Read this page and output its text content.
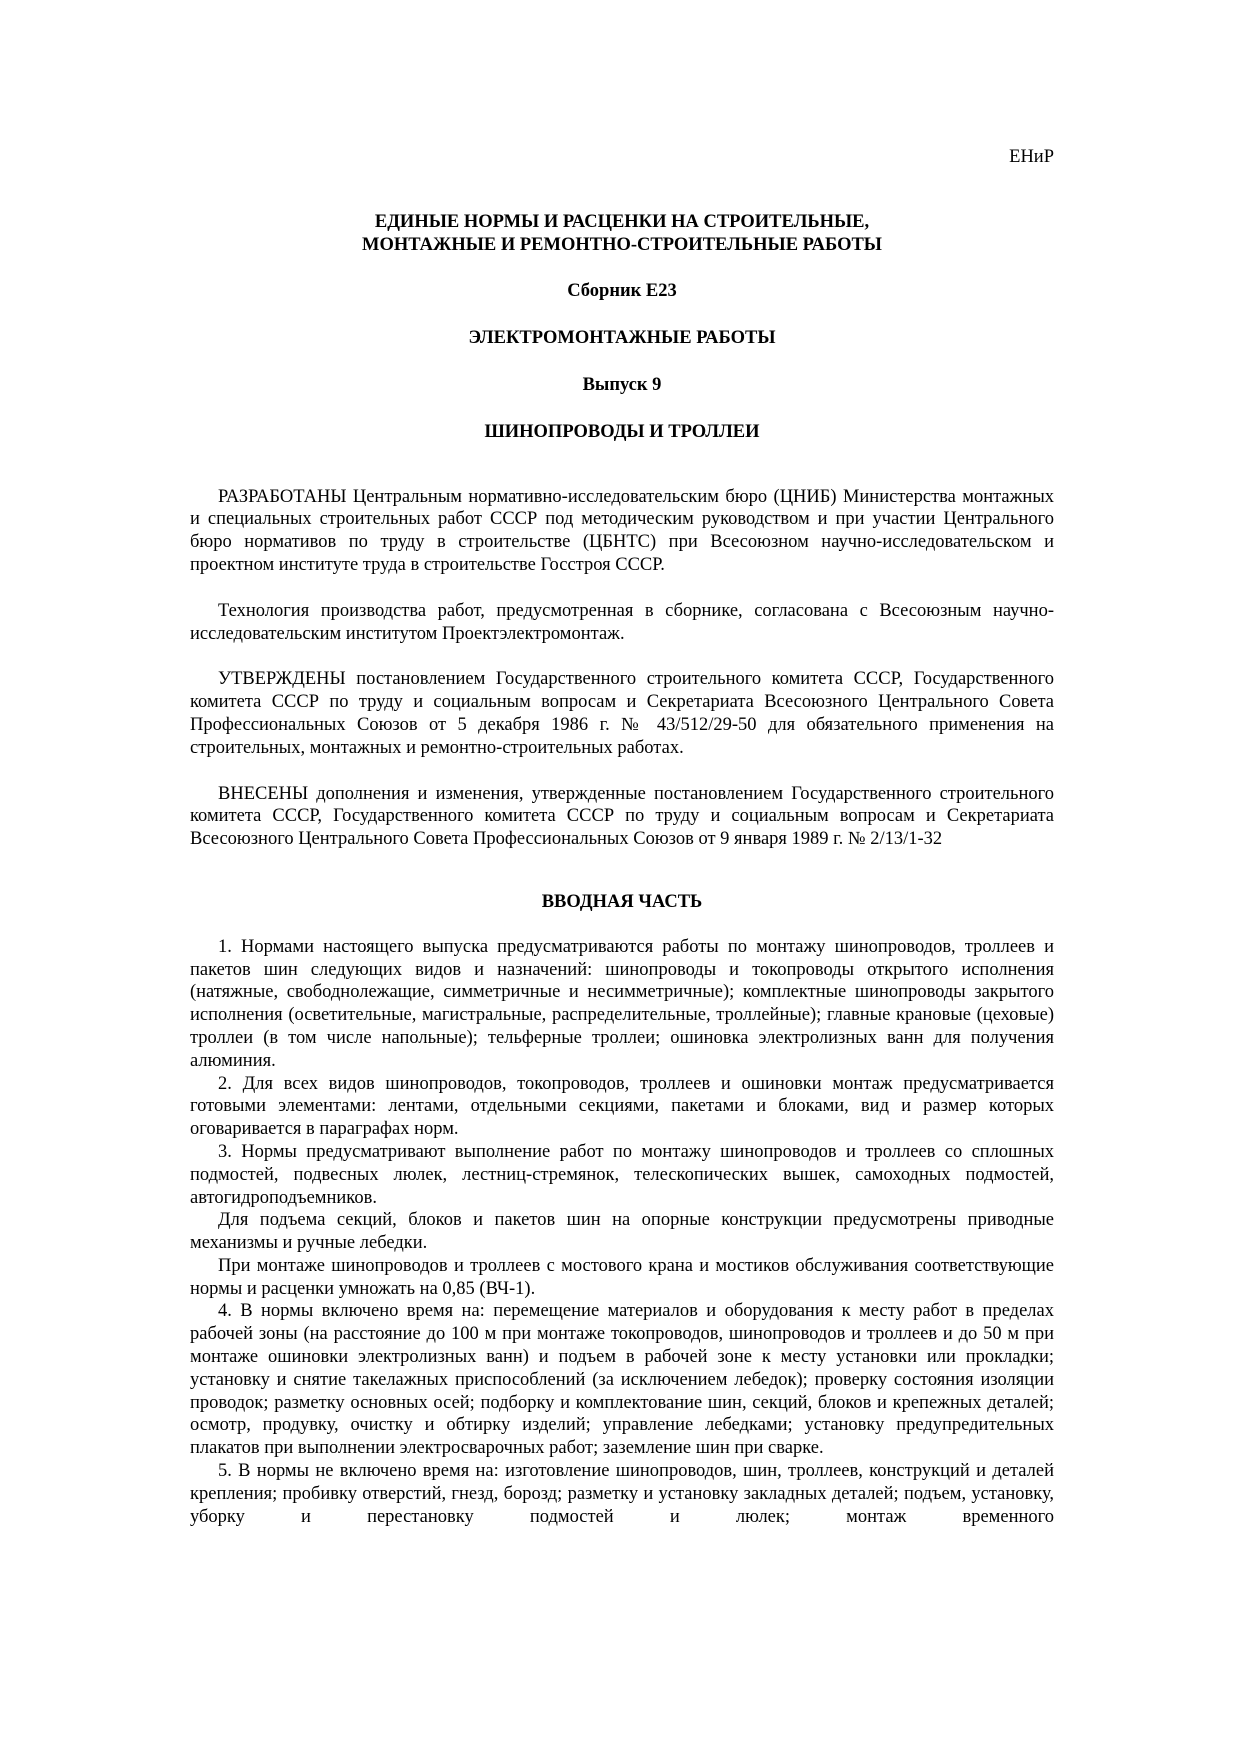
ЕНиР

ЕДИНЫЕ НОРМЫ И РАСЦЕНКИ НА СТРОИТЕЛЬНЫЕ,

МОНТАЖНЫЕ И РЕМОНТНО-СТРОИТЕЛЬНЫЕ РАБОТЫ

Сборник Е23

ЭЛЕКТРОМОНТАЖНЫЕ РАБОТЫ

Выпуск 9

ШИНОПРОВОДЫ И ТРОЛЛЕИ

РАЗРАБОТАНЫ Центральным нормативно-исследовательским бюро (ЦНИБ) Министерства монтажных и специальных строительных работ СССР под методическим руководством и при участии Центрального бюро нормативов по труду в строительстве (ЦБНТС) при Всесоюзном научно-исследовательском и проектном институте труда в строительстве Госстроя СССР.

Технология производства работ, предусмотренная в сборнике, согласована с Всесоюзным научно-исследовательским институтом Проектэлектромонтаж.

УТВЕРЖДЕНЫ постановлением Государственного строительного комитета СССР, Государственного комитета СССР по труду и социальным вопросам и Секретариата Всесоюзного Центрального Совета Профессиональных Союзов от 5 декабря 1986 г. № 43/512/29-50 для обязательного применения на строительных, монтажных и ремонтно-строительных работах.

ВНЕСЕНЫ дополнения и изменения, утвержденные постановлением Государственного строительного комитета СССР, Государственного комитета СССР по труду и социальным вопросам и Секретариата Всесоюзного Центрального Совета Профессиональных Союзов от 9 января 1989 г. № 2/13/1-32

ВВОДНАЯ ЧАСТЬ

1. Нормами настоящего выпуска предусматриваются работы по монтажу шинопроводов, троллеев и пакетов шин следующих видов и назначений: шинопроводы и токопроводы открытого исполнения (натяжные, свободнолежащие, симметричные и несимметричные); комплектные шинопроводы закрытого исполнения (осветительные, магистральные, распределительные, троллейные); главные крановые (цеховые) троллеи (в том числе напольные); тельферные троллеи; ошиновка электролизных ванн для получения алюминия.

2. Для всех видов шинопроводов, токопроводов, троллеев и ошиновки монтаж предусматривается готовыми элементами: лентами, отдельными секциями, пакетами и блоками, вид и размер которых оговаривается в параграфах норм.

3. Нормы предусматривают выполнение работ по монтажу шинопроводов и троллеев со сплошных подмостей, подвесных люлек, лестниц-стремянок, телескопических вышек, самоходных подмостей, автогидроподъемников.

Для подъема секций, блоков и пакетов шин на опорные конструкции предусмотрены приводные механизмы и ручные лебедки.

При монтаже шинопроводов и троллеев с мостового крана и мостиков обслуживания соответствующие нормы и расценки умножать на 0,85 (ВЧ-1).

4. В нормы включено время на: перемещение материалов и оборудования к месту работ в пределах рабочей зоны (на расстояние до 100 м при монтаже токопроводов, шинопроводов и троллеев и до 50 м при монтаже ошиновки электролизных ванн) и подъем в рабочей зоне к месту установки или прокладки; установку и снятие такелажных приспособлений (за исключением лебедок); проверку состояния изоляции проводок; разметку основных осей; подборку и комплектование шин, секций, блоков и крепежных деталей; осмотр, продувку, очистку и обтирку изделий; управление лебедками; установку предупредительных плакатов при выполнении электросварочных работ; заземление шин при сварке.

5. В нормы не включено время на: изготовление шинопроводов, шин, троллеев, конструкций и деталей крепления; пробивку отверстий, гнезд, борозд; разметку и установку закладных деталей; подъем, установку, уборку и перестановку подмостей и люлек; монтаж временного
